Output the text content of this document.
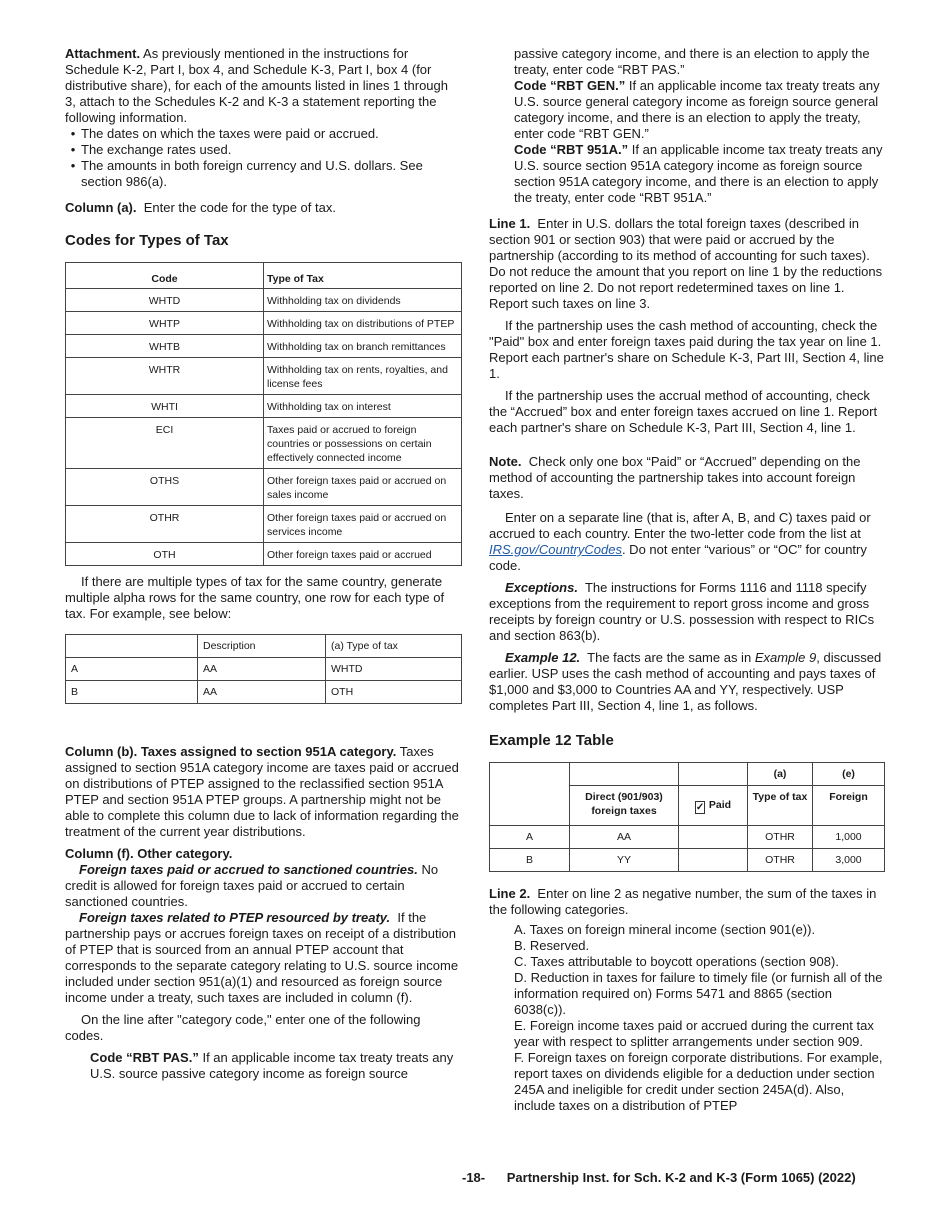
Attachment. As previously mentioned in the instructions for Schedule K-2, Part I, box 4, and Schedule K-3, Part I, box 4 (for distributive share), for each of the amounts listed in lines 1 through 3, attach to the Schedules K-2 and K-3 a statement reporting the following information.

• The dates on which the taxes were paid or accrued.
• The exchange rates used.
• The amounts in both foreign currency and U.S. dollars. See section 986(a).

Column (a). Enter the code for the type of tax.

Codes for Types of Tax
Code	Type of Tax
WHTD	Withholding tax on dividends
WHTP	Withholding tax on distributions of PTEP
WHTB	Withholding tax on branch remittances
WHTR	Withholding tax on rents, royalties, and license fees
WHTI	Withholding tax on interest
ECI	Taxes paid or accrued to foreign countries or possessions on certain effectively connected income
OTHS	Other foreign taxes paid or accrued on sales income
OTHR	Other foreign taxes paid or accrued on services income
OTH	Other foreign taxes paid or accrued

If there are multiple types of tax for the same country, generate multiple alpha rows for the same country, one row for each type of tax. For example, see below:

	Description	(a) Type of tax
A	AA	WHTD
B	AA	OTH

Column (b). Taxes assigned to section 951A category. Taxes assigned to section 951A category income are taxes paid or accrued on distributions of PTEP assigned to the reclassified section 951A PTEP and section 951A PTEP groups. A partnership might not be able to complete this column due to lack of information regarding the treatment of the current year distributions.

Column (f). Other category.

Foreign taxes paid or accrued to sanctioned countries. No credit is allowed for foreign taxes paid or accrued to certain sanctioned countries.

Foreign taxes related to PTEP resourced by treaty. If the partnership pays or accrues foreign taxes on receipt of a distribution of PTEP that is sourced from an annual PTEP account that corresponds to the separate category relating to U.S. source income included under section 951(a)(1) and resourced as foreign source income under a treaty, such taxes are included in column (f).

On the line after "category code," enter one of the following codes.

Code “RBT PAS.” If an applicable income tax treaty treats any U.S. source passive category income as foreign source

passive category income, and there is an election to apply the treaty, enter code “RBT PAS.”

Code “RBT GEN.” If an applicable income tax treaty treats any U.S. source general category income as foreign source general category income, and there is an election to apply the treaty, enter code “RBT GEN.”

Code “RBT 951A.” If an applicable income tax treaty treats any U.S. source section 951A category income as foreign source section 951A category income, and there is an election to apply the treaty, enter code “RBT 951A.”

Line 1. Enter in U.S. dollars the total foreign taxes (described in section 901 or section 903) that were paid or accrued by the partnership (according to its method of accounting for such taxes). Do not reduce the amount that you report on line 1 by the reductions reported on line 2. Do not report redetermined taxes on line 1. Report such taxes on line 3.

If the partnership uses the cash method of accounting, check the "Paid" box and enter foreign taxes paid during the tax year on line 1. Report each partner's share on Schedule K-3, Part III, Section 4, line 1.

If the partnership uses the accrual method of accounting, check the “Accrued” box and enter foreign taxes accrued on line 1. Report each partner's share on Schedule K-3, Part III, Section 4, line 1.

Note. Check only one box “Paid” or “Accrued” depending on the method of accounting the partnership takes into account foreign taxes.

Enter on a separate line (that is, after A, B, and C) taxes paid or accrued to each country. Enter the two-letter code from the list at IRS.gov/CountryCodes. Do not enter “various” or “OC” for country code.

Exceptions. The instructions for Forms 1116 and 1118 specify exceptions from the requirement to report gross income and gross receipts by foreign country or U.S. possession with respect to RICs and section 863(b).

Example 12. The facts are the same as in Example 9, discussed earlier. USP uses the cash method of accounting and pays taxes of $1,000 and $3,000 to Countries AA and YY, respectively. USP completes Part III, Section 4, line 1, as follows.

Example 12 Table
			(a)	(e)
	Direct (901/903) foreign taxes	✓ Paid	Type of tax	Foreign
A	AA		OTHR	1,000
B	YY		OTHR	3,000

Line 2. Enter on line 2 as negative number, the sum of the taxes in the following categories.

A. Taxes on foreign mineral income (section 901(e)).

B. Reserved.

C. Taxes attributable to boycott operations (section 908).

D. Reduction in taxes for failure to timely file (or furnish all of the information required on) Forms 5471 and 8865 (section 6038(c)).

E. Foreign income taxes paid or accrued during the current tax year with respect to splitter arrangements under section 909.

F. Foreign taxes on foreign corporate distributions. For example, report taxes on dividends eligible for a deduction under section 245A and ineligible for credit under section 245A(d). Also, include taxes on a distribution of PTEP

-18- Partnership Inst. for Sch. K-2 and K-3 (Form 1065) (2022)
